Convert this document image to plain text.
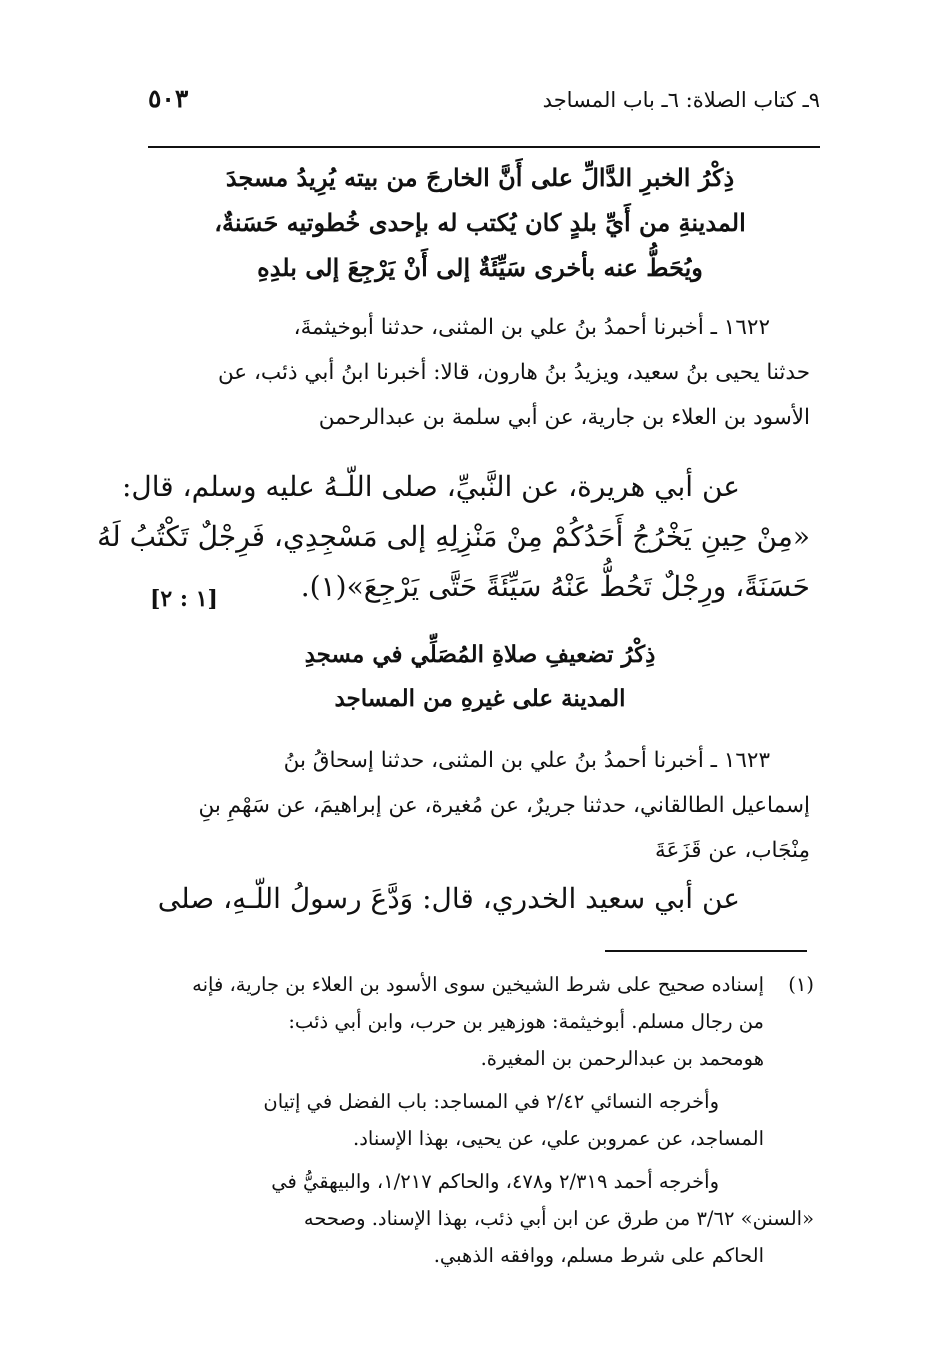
٩ـ كتاب الصلاة: ٦ـ باب المساجد
٥٠٣
ذِكْرُ الخبرِ الدَّالِّ على أَنَّ الخارجَ من بيته يُرِيدُ مسجدَ
المدينةِ من أَيِّ بلدٍ كان يُكتب له بإحدى خُطوتيه حَسَنةٌ،
ويُحَطُّ عنه بأخرى سَيِّئَةٌ إلى أَنْ يَرْجِعَ إلى بلدِهِ
١٦٢٢ ـ أخبرنا أحمدُ بنُ علي بن المثنى، حدثنا أبوخيثمةَ،
حدثنا يحيى بنُ سعيد، ويزيدُ بنُ هارون، قالا: أخبرنا ابنُ أبي ذئب، عن
الأسود بن العلاء بن جارية، عن أبي سلمة بن عبدالرحمن
عن أبي هريرة، عن النَّبيِّ، صلى اللّـهُ عليه وسلم، قال:
«مِنْ حِينِ يَخْرُجُ أَحَدُكُمْ مِنْ مَنْزِلِهِ إلى مَسْجِدِي، فَرِجْلٌ تَكْتُبُ لَهُ
حَسَنَةً، ورِجْلٌ تَحُطُّ عَنْهُ سَيِّئَةً حَتَّى يَرْجِعَ»(١).
[١ : ٢]
ذِكْرُ تضعيفِ صلاةِ المُصَلِّي في مسجدِ
المدينة على غيرهِ من المساجد
١٦٢٣ ـ أخبرنا أحمدُ بنُ علي بن المثنى، حدثنا إسحاقُ بنُ
إسماعيل الطالقاني، حدثنا جريرٌ، عن مُغيرة، عن إبراهيمَ، عن سَهْمِ بنِ
مِنْجَاب، عن قَزَعَةَ
عن أبي سعيد الخدري، قال: وَدَّعَ رسولُ اللّـهِ، صلى
(١)
إسناده صحيح على شرط الشيخين سوى الأسود بن العلاء بن جارية، فإنه
من رجال مسلم. أبوخيثمة: هوزهير بن حرب، وابن أبي ذئب:
هومحمد بن عبدالرحمن بن المغيرة.
وأخرجه النسائي ٢/٤٢ في المساجد: باب الفضل في إتيان
المساجد، عن عمروبن علي، عن يحيى، بهذا الإسناد.
وأخرجه أحمد ٢/٣١٩ و٤٧٨، والحاكم ١/٢١٧، والبيهقيُّ في
«السنن» ٣/٦٢ من طرق عن ابن أبي ذئب، بهذا الإسناد. وصححه
الحاكم على شرط مسلم، ووافقه الذهبي.
